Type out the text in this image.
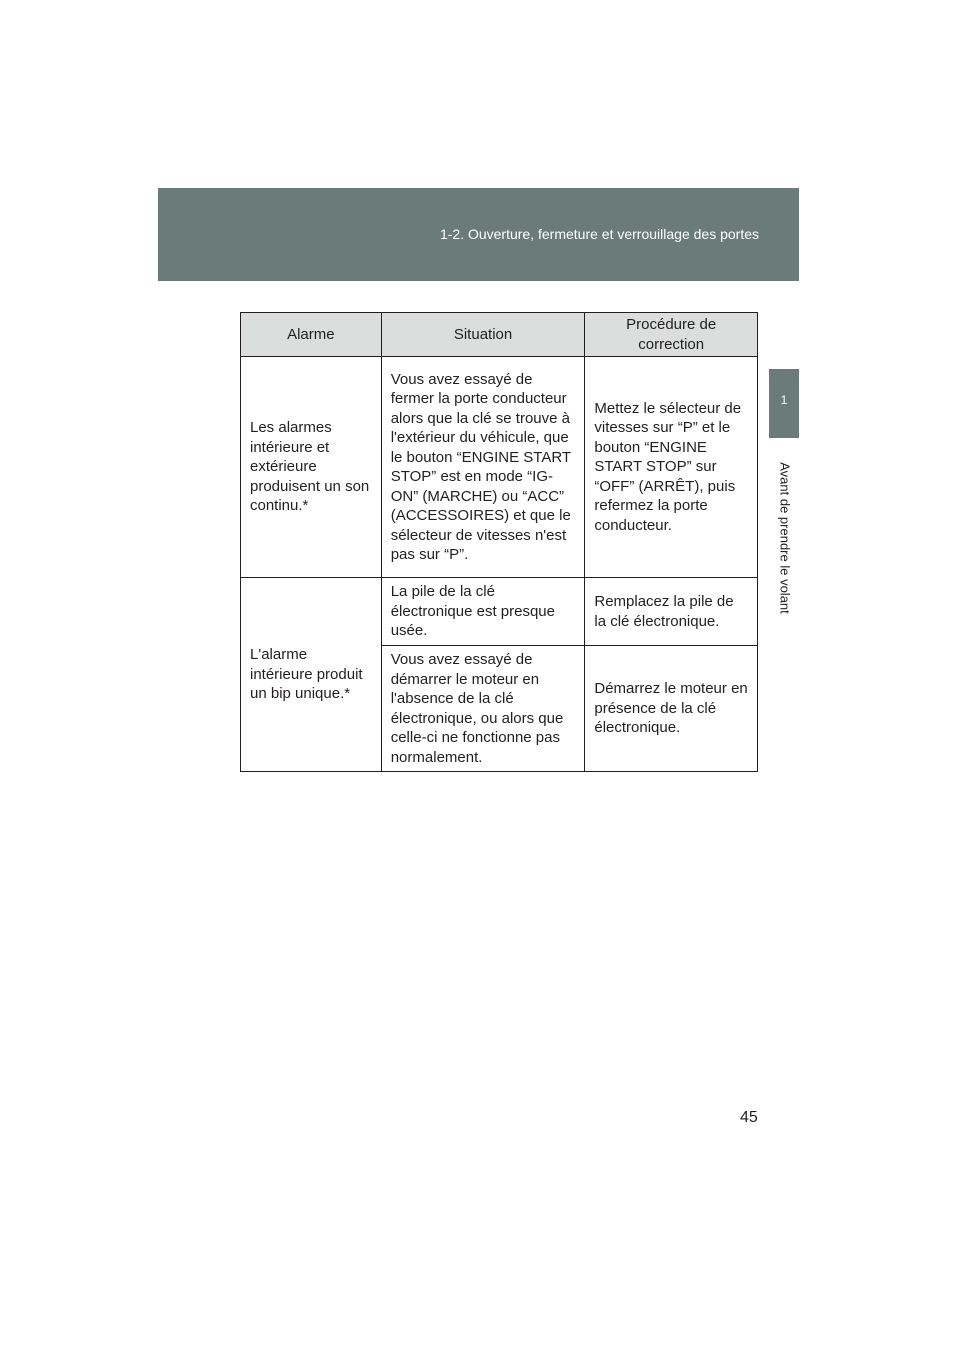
1-2. Ouverture, fermeture et verrouillage des portes
1
Avant de prendre le volant
Alarme	Situation	Procédure de correction
Les alarmes intérieure et extérieure produisent un son continu.*	Vous avez essayé de fermer la porte conducteur alors que la clé se trouve à l'extérieur du véhicule, que le bouton “ENGINE START STOP” est en mode “IG-ON” (MARCHE) ou “ACC” (ACCESSOIRES) et que le sélecteur de vitesses n'est pas sur “P”.	Mettez le sélecteur de vitesses sur “P” et le bouton “ENGINE START STOP” sur “OFF” (ARRÊT), puis refermez la porte conducteur.
L'alarme intérieure produit un bip unique.*	La pile de la clé électronique est presque usée.	Remplacez la pile de la clé électronique.
	Vous avez essayé de démarrer le moteur en l'absence de la clé électronique, ou alors que celle-ci ne fonctionne pas normalement.	Démarrez le moteur en présence de la clé électronique.
45
